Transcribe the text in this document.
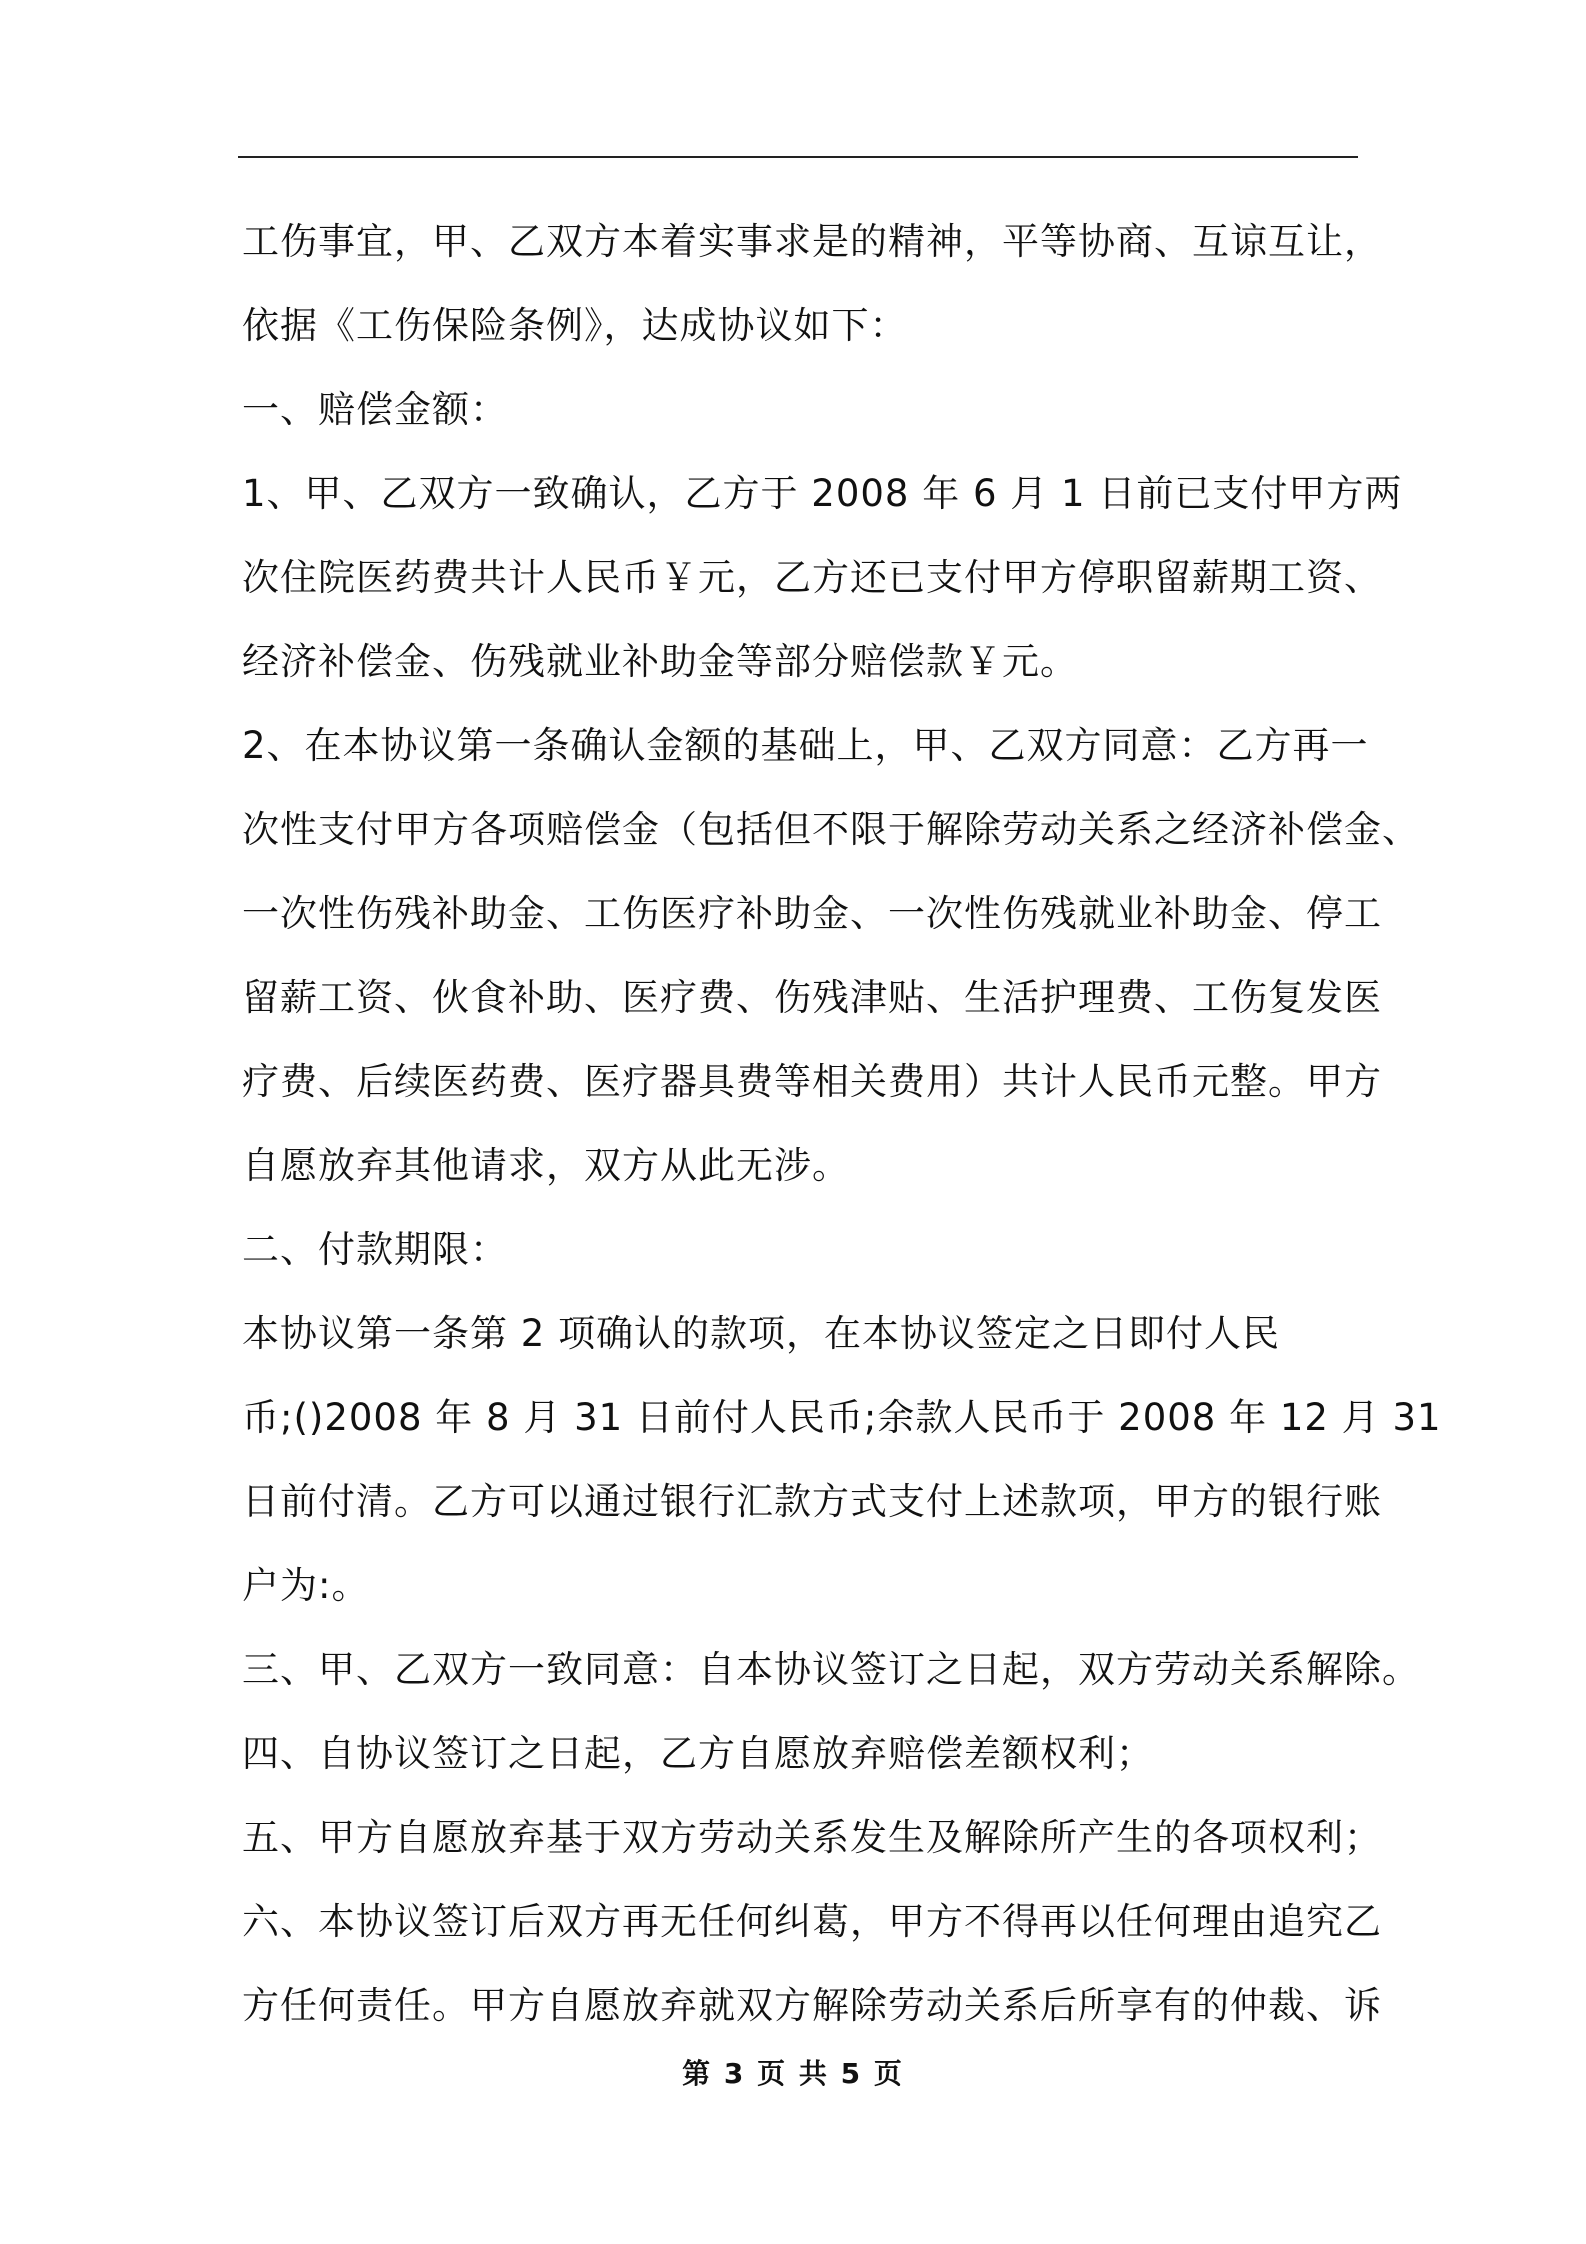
工伤事宜，甲、乙双方本着实事求是的精神，平等协商、互谅互让，
依据《工伤保险条例》，达成协议如下：
一、赔偿金额：
1、甲、乙双方一致确认，乙方于 2008 年 6 月 1 日前已支付甲方两
次住院医药费共计人民币￥元，乙方还已支付甲方停职留薪期工资、
经济补偿金、伤残就业补助金等部分赔偿款￥元。
2、在本协议第一条确认金额的基础上，甲、乙双方同意：乙方再一
次性支付甲方各项赔偿金（包括但不限于解除劳动关系之经济补偿金、
一次性伤残补助金、工伤医疗补助金、一次性伤残就业补助金、停工
留薪工资、伙食补助、医疗费、伤残津贴、生活护理费、工伤复发医
疗费、后续医药费、医疗器具费等相关费用）共计人民币元整。甲方
自愿放弃其他请求，双方从此无涉。
二、付款期限：
本协议第一条第 2 项确认的款项，在本协议签定之日即付人民
币;()2008 年 8 月 31 日前付人民币;余款人民币于 2008 年 12 月 31
日前付清。乙方可以通过银行汇款方式支付上述款项，甲方的银行账
户为:。
三、甲、乙双方一致同意：自本协议签订之日起，双方劳动关系解除。
四、自协议签订之日起，乙方自愿放弃赔偿差额权利；
五、甲方自愿放弃基于双方劳动关系发生及解除所产生的各项权利；
六、本协议签订后双方再无任何纠葛，甲方不得再以任何理由追究乙
方任何责任。甲方自愿放弃就双方解除劳动关系后所享有的仲裁、诉
第 3 页 共 5 页
